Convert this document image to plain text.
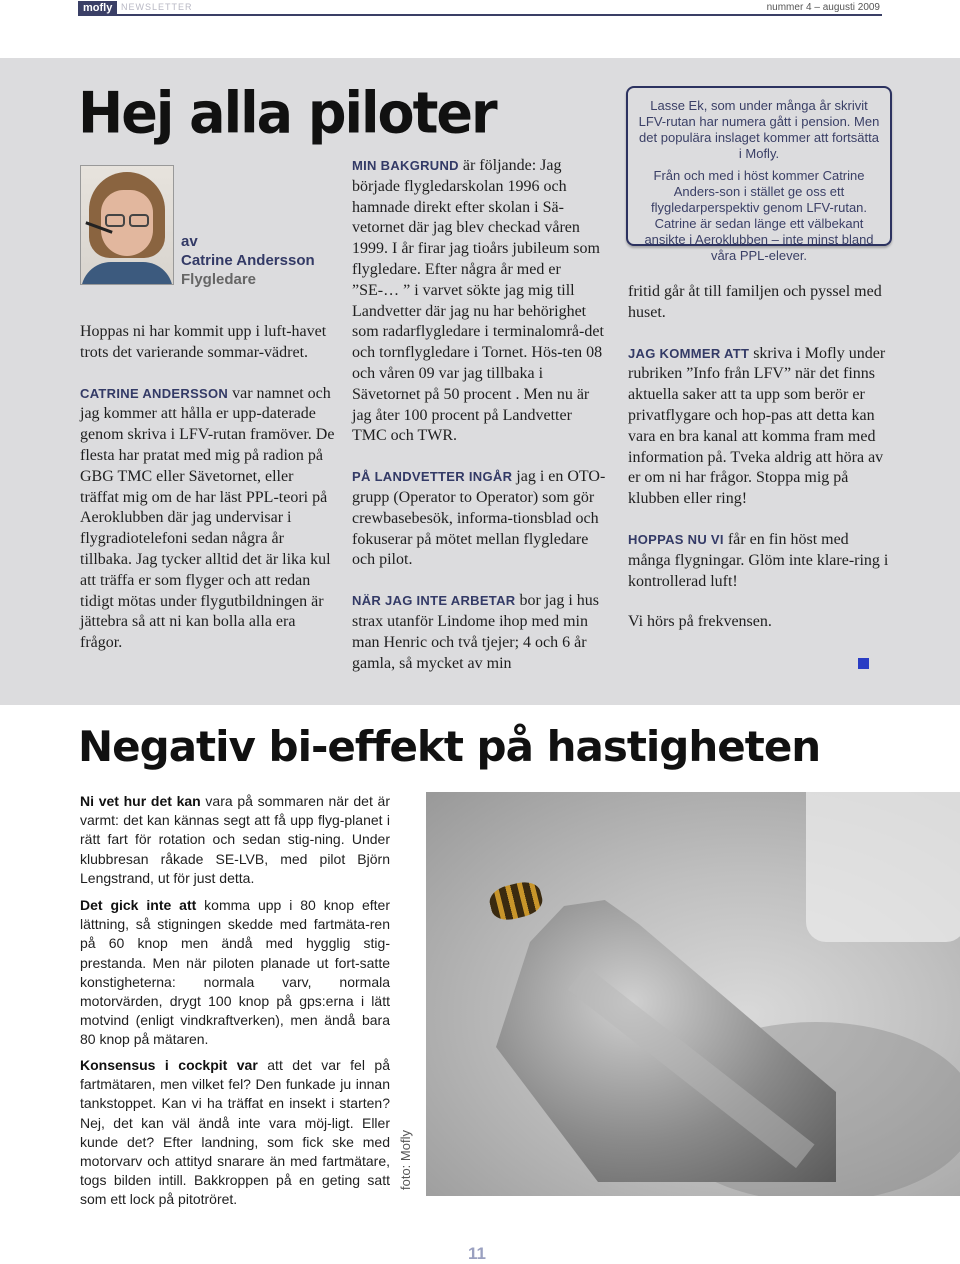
mofly NEWSLETTER	nummer 4 – augusti 2009
Hej alla piloter
av
Catrine Andersson
Flygledare

Hoppas ni har kommit upp i luft-havet trots det varierande sommar-vädret.

CATRINE ANDERSSON var namnet och jag kommer att hålla er upp-daterade genom skriva i LFV-rutan framöver. De flesta har pratat med mig på radion på GBG TMC eller Sävetornet, eller träffat mig om de har läst PPL-teori på Aeroklubben där jag undervisar i flygradiotelefoni sedan några år tillbaka. Jag tycker alltid det är lika kul att träffa er som flyger och att redan tidigt mötas under flygutbildningen är jättebra så att ni kan bolla alla era frågor.

MIN BAKGRUND är följande: Jag började flygledarskolan 1996 och hamnade direkt efter skolan i Sä-vetornet där jag blev checkad våren 1999. I år firar jag tioårs jubileum som flygledare. Efter några år med er ”SE-… ” i varvet sökte jag mig till Landvetter där jag nu har behörighet som radarflygledare i terminalområ-det och tornflygledare i Tornet. Hös-ten 08 och våren 09 var jag tillbaka i Sävetornet på 50 procent . Men nu är jag åter 100 procent på Landvetter TMC och TWR.

PÅ LANDVETTER INGÅR jag i en OTO-grupp (Operator to Operator) som gör crewbasebesök, informa-tionsblad och fokuserar på mötet mellan flygledare och pilot.

NÄR JAG INTE ARBETAR bor jag i hus strax utanför Lindome ihop med min man Henric och två tjejer; 4 och 6 år gamla, så mycket av min

Lasse Ek, som under många år skrivit LFV-rutan har numera gått i pension. Men det populära inslaget kommer att fortsätta i Mofly.

Från och med i höst kommer Catrine Anders-son i stället ge oss ett flygledarperspektiv genom LFV-rutan. Catrine är sedan länge ett välbekant ansikte i Aeroklubben – inte minst bland våra PPL-elever.

fritid går åt till familjen och pyssel med huset.

JAG KOMMER ATT skriva i Mofly under rubriken ”Info från LFV” när det finns aktuella saker att ta upp som berör er privatflygare och hop-pas att detta kan vara en bra kanal att komma fram med information på. Tveka aldrig att höra av er om ni har frågor. Stoppa mig på klubben eller ring!

HOPPAS NU VI får en fin höst med många flygningar. Glöm inte klare-ring i kontrollerad luft!

Vi hörs på frekvensen.

Negativ bi-effekt på hastigheten

Ni vet hur det kan vara på sommaren när det är varmt: det kan kännas segt att få upp flyg-planet i rätt fart för rotation och sedan stig-ning. Under klubbresan råkade SE-LVB, med pilot Björn Lengstrand, ut för just detta.

Det gick inte att komma upp i 80 knop efter lättning, så stigningen skedde med fartmäta-ren på 60 knop men ändå med hygglig stig-prestanda. Men när piloten planade ut fort-satte konstigheterna: normala varv, normala motorvärden, drygt 100 knop på gps:erna i lätt motvind (enligt vindkraftverken), men ändå bara 80 knop på mätaren.

Konsensus i cockpit var att det var fel på fartmätaren, men vilket fel? Den funkade ju innan tankstoppet. Kan vi ha träffat en insekt i starten? Nej, det kan väl ändå inte vara möj-ligt. Eller kunde det? Efter landning, som fick ske med motorvarv och attityd snarare än med fartmätare, togs bilden intill. Bakkroppen på en geting satt som ett lock på pitotröret.

foto: Mofly
11
